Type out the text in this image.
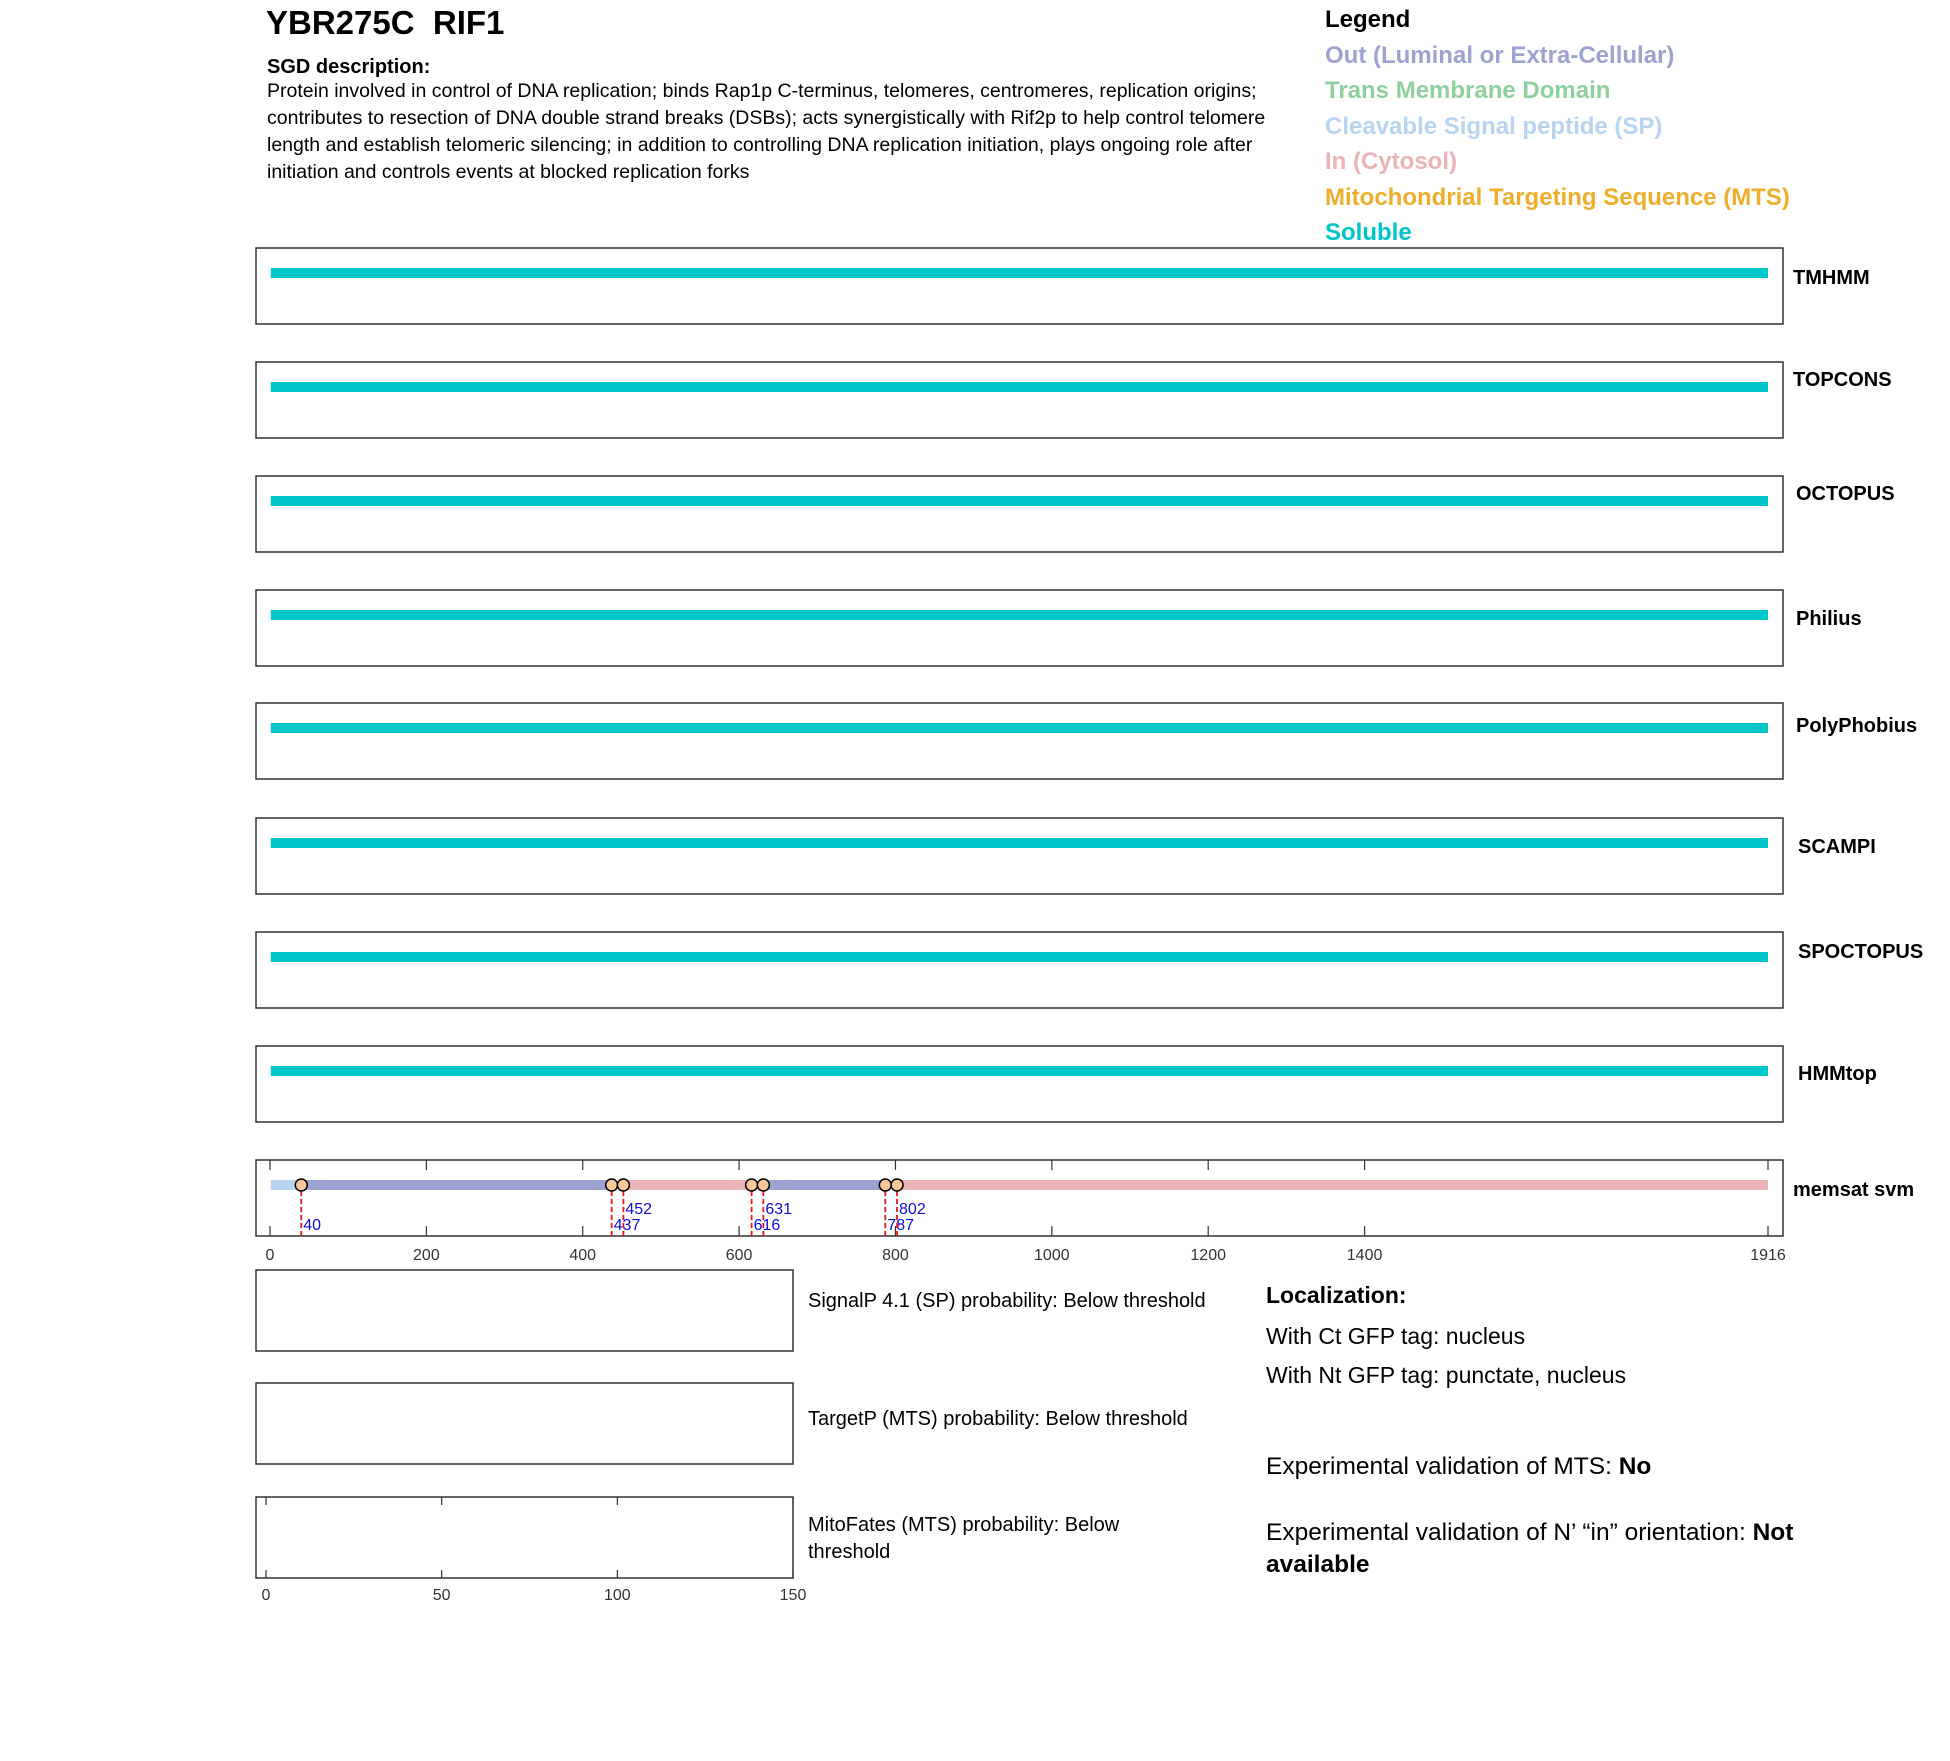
YBR275C  RIF1
SGD description:
Protein involved in control of DNA replication; binds Rap1p C-terminus, telomeres, centromeres, replication origins; contributes to resection of DNA double strand breaks (DSBs); acts synergistically with Rif2p to help control telomere length and establish telomeric silencing; in addition to controlling DNA replication initiation, plays ongoing role after initiation and controls events at blocked replication forks
Legend
Out (Luminal or Extra-Cellular)
Trans Membrane Domain
Cleavable Signal peptide (SP)
In (Cytosol)
Mitochondrial Targeting Sequence (MTS)
Soluble
TMHMM
TOPCONS
OCTOPUS
Philius
PolyPhobius
SCAMPI
SPOCTOPUS
HMMtop
memsat svm
0	200	400	600	800	1000	1200	1400	1916
40	437
452
616
631
787
802
0	50	100	150
SignalP 4.1 (SP) probability: Below threshold
TargetP (MTS) probability: Below threshold
MitoFates (MTS) probability: Below threshold
Localization:
With Ct GFP tag: nucleus
With Nt GFP tag: punctate, nucleus
Experimental validation of MTS: No
Experimental validation of N’ “in” orientation: Not available
